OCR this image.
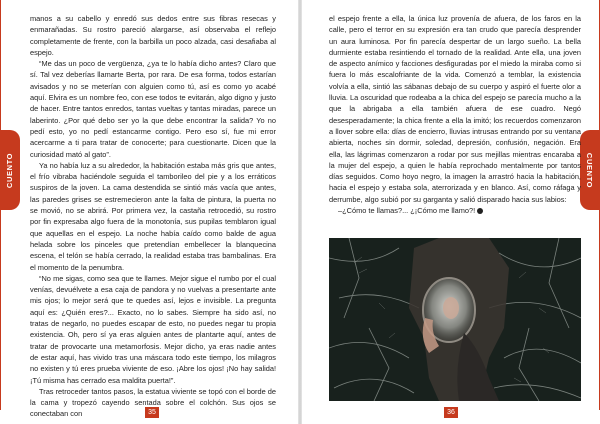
CUENTO

manos a su cabello y enredó sus dedos entre sus fibras resecas y enmarañadas. Su rostro pareció alargarse, así observaba el reflejo completamente de frente, con la barbilla un poco alzada, casi desafiaba al espejo.

“Me das un poco de vergüenza, ¿ya te lo había dicho antes? Claro que sí. Tal vez deberías llamarte Berta, por rara. De esa forma, todos estarían avisados y no se meterían con alguien como tú, así es como yo acabé aquí. Elvira es un nombre feo, con ese todos te evitarán, algo digno y justo de hacer. Entre tantos enredos, tantas vueltas y tantas miradas, parece un laberinto. ¿Por qué debo ser yo la que debe encontrar la salida? Yo no pedí esto, yo no pedí estancarme contigo. Pero eso sí, fue mi error acercarme a ti para tratar de conocerte; para cuestionarte. Dicen que la curiosidad mató al gato”.

Ya no había luz a su alrededor, la habitación estaba más gris que antes, el frío vibraba haciéndole seguida el tamborileo del pie y a los erráticos suspiros de la joven. La cama destendida se sintió más vacía que antes, las paredes grises se estremecieron ante la falta de pintura, la puerta no se movió, no se abrirá. Por primera vez, la castaña retrocedió, su rostro por fin expresaba algo fuera de la monotonía, sus pupilas temblaron igual que aquellas en el espejo. La noche había caído como balde de agua helada sobre los pinceles que pretendían embellecer la blanquecina escena, el telón se había cerrado, la realidad estaba tras bambalinas. Era el momento de la penumbra.

“No me sigas, como sea que te llames. Mejor sigue el rumbo por el cual venías, devuélvete a esa caja de pandora y no vuelvas a presentarte ante mis ojos; lo mejor será que te quedes así, lejos e invisible. La pregunta aquí es: ¿Quién eres?... Exacto, no lo sabes. Siempre ha sido así, no tratas de negarlo, no puedes escapar de esto, no puedes negar tu propia existencia. Oh, pero sí ya eras alguien antes de plantarte aquí, antes de tratar de provocarte una metamorfosis. Mejor dicho, ya eras nadie antes de estar aquí, has vivido tras una máscara todo este tiempo, los milagros no existen y tú eres prueba viviente de eso. ¡Abre los ojos! ¡No hay salida! ¡Tú misma has cerrado esa maldita puerta!”.

Tras retroceder tantos pasos, la estatua viviente se topó con el borde de la cama y tropezó cayendo sentada sobre el colchón. Sus ojos se conectaban con	35
CUENTO

el espejo frente a ella, la única luz provenía de afuera, de los faros en la calle, pero el terror en su expresión era tan crudo que parecía desprender un aura luminosa. Por fin parecía despertar de un largo sueño. La bella durmiente estaba resintiendo el tornado de la realidad. Ante ella, una joven de aspecto anímico y facciones desfiguradas por el miedo la miraba como si fuera lo más escalofriante de la vida. Comenzó a temblar, la existencia volvía a ella, sintió las sábanas debajo de su cuerpo y aspiró el fuerte olor a lluvia. La oscuridad que rodeaba a la chica del espejo se parecía mucho a la que la abrigaba a ella también afuera de ese cuadro. Negó desesperadamente; la chica frente a ella la imitó; los recuerdos comenzaron a llover sobre ella: días de encierro, lluvias intrusas entrando por su ventana abierta, noches sin dormir, soledad, depresión, confusión, negación. Era ella, las lágrimas comenzaron a rodar por sus mejillas mientras encaraba a la mujer del espejo, a quien le había reprochado mentalmente por tantos días seguidos. Como hoyo negro, la imagen la arrastró hacia la habitación, hacia el espejo y estaba sola, aterrorizada y en blanco. Así, como ráfaga y derrumbe, algo subió por su garganta y salió disparado hacia sus labios:

–¿Cómo te llamas?... ¿¡Cómo me llamo?!

36
